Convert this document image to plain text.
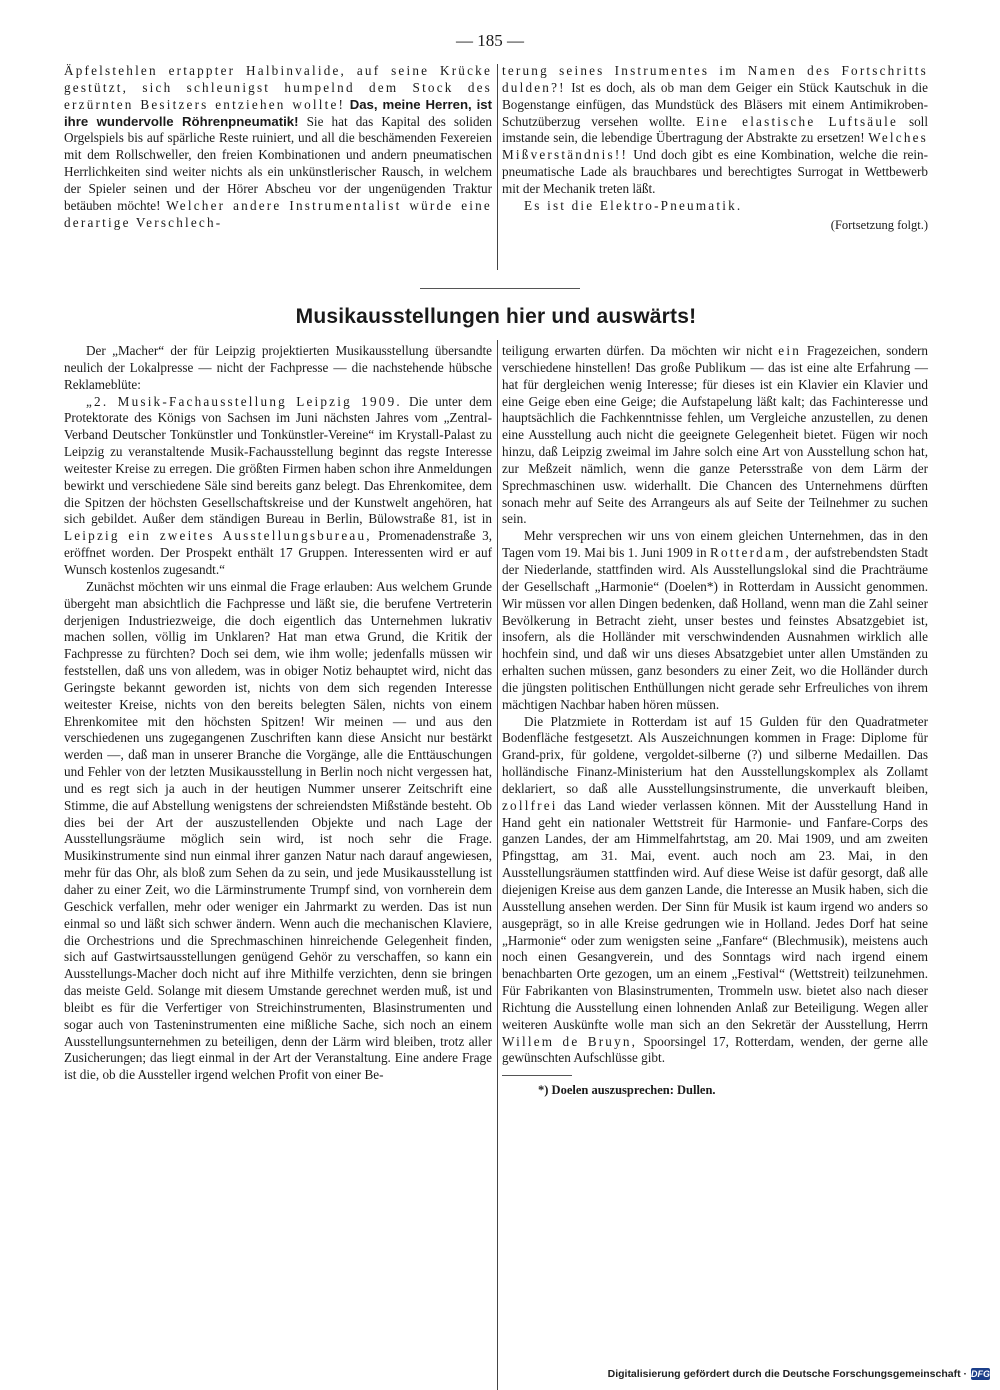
— 185 —

Äpfelstehlen ertappter Halbinvalide, auf seine Krücke gestützt, sich schleunigst humpelnd dem Stock des erzürnten Besitzers entziehen wollte! Das, meine Herren, ist ihre wundervolle Röhrenpneumatik! Sie hat das Kapital des soliden Orgelspiels bis auf spärliche Reste ruiniert, und all die beschämenden Fexereien mit dem Rollschweller, den freien Kombinationen und andern pneumatischen Herrlichkeiten sind weiter nichts als ein unkünstlerischer Rausch, in welchem der Spieler seinen und der Hörer Abscheu vor der ungenügenden Traktur betäuben möchte! Welcher andere Instrumentalist würde eine derartige Verschlech-

terung seines Instrumentes im Namen des Fortschritts dulden?! Ist es doch, als ob man dem Geiger ein Stück Kautschuk in die Bogenstange einfügen, das Mundstück des Bläsers mit einem Antimikroben-Schutzüberzug versehen wollte. Eine elastische Luftsäule soll imstande sein, die lebendige Übertragung der Abstrakte zu ersetzen! Welches Mißverständnis!! Und doch gibt es eine Kombination, welche die rein-pneumatische Lade als brauchbares und berechtigtes Surrogat in Wettbewerb mit der Mechanik treten läßt.

Es ist die Elektro-Pneumatik.

(Fortsetzung folgt.)

Musikausstellungen hier und auswärts!

Der „Macher“ der für Leipzig projektierten Musikausstellung übersandte neulich der Lokalpresse — nicht der Fachpresse — die nachstehende hübsche Reklameblüte:

„2. Musik-Fachausstellung Leipzig 1909. Die unter dem Protektorate des Königs von Sachsen im Juni nächsten Jahres vom „Zentral-Verband Deutscher Tonkünstler und Tonkünstler-Vereine“ im Krystall-Palast zu Leipzig zu veranstaltende Musik-Fachausstellung beginnt das regste Interesse weitester Kreise zu erregen. Die größten Firmen haben schon ihre Anmeldungen bewirkt und verschiedene Säle sind bereits ganz belegt. Das Ehrenkomitee, dem die Spitzen der höchsten Gesellschaftskreise und der Kunstwelt angehören, hat sich gebildet. Außer dem ständigen Bureau in Berlin, Bülowstraße 81, ist in Leipzig ein zweites Ausstellungsbureau, Promenadenstraße 3, eröffnet worden. Der Prospekt enthält 17 Gruppen. Interessenten wird er auf Wunsch kostenlos zugesandt.“

Zunächst möchten wir uns einmal die Frage erlauben: Aus welchem Grunde übergeht man absichtlich die Fachpresse und läßt sie, die berufene Vertreterin derjenigen Industriezweige, die doch eigentlich das Unternehmen lukrativ machen sollen, völlig im Unklaren? Hat man etwa Grund, die Kritik der Fachpresse zu fürchten? Doch sei dem, wie ihm wolle; jedenfalls müssen wir feststellen, daß uns von alledem, was in obiger Notiz behauptet wird, nicht das Geringste bekannt geworden ist, nichts von dem sich regenden Interesse weitester Kreise, nichts von den bereits belegten Sälen, nichts von einem Ehrenkomitee mit den höchsten Spitzen! Wir meinen — und aus den verschiedenen uns zugegangenen Zuschriften kann diese Ansicht nur bestärkt werden —, daß man in unserer Branche die Vorgänge, alle die Enttäuschungen und Fehler von der letzten Musikausstellung in Berlin noch nicht vergessen hat, und es regt sich ja auch in der heutigen Nummer unserer Zeitschrift eine Stimme, die auf Abstellung wenigstens der schreiendsten Mißstände besteht. Ob dies bei der Art der auszustellenden Objekte und nach Lage der Ausstellungsräume möglich sein wird, ist noch sehr die Frage. Musikinstrumente sind nun einmal ihrer ganzen Natur nach darauf angewiesen, mehr für das Ohr, als bloß zum Sehen da zu sein, und jede Musikausstellung ist daher zu einer Zeit, wo die Lärminstrumente Trumpf sind, von vornherein dem Geschick verfallen, mehr oder weniger ein Jahrmarkt zu werden. Das ist nun einmal so und läßt sich schwer ändern. Wenn auch die mechanischen Klaviere, die Orchestrions und die Sprechmaschinen hinreichende Gelegenheit finden, sich auf Gastwirtsausstellungen genügend Gehör zu verschaffen, so kann ein Ausstellungs-Macher doch nicht auf ihre Mithilfe verzichten, denn sie bringen das meiste Geld. Solange mit diesem Umstande gerechnet werden muß, ist und bleibt es für die Verfertiger von Streichinstrumenten, Blasinstrumenten und sogar auch von Tasteninstrumenten eine mißliche Sache, sich noch an einem Ausstellungsunternehmen zu beteiligen, denn der Lärm wird bleiben, trotz aller Zusicherungen; das liegt einmal in der Art der Veranstaltung. Eine andere Frage ist die, ob die Aussteller irgend welchen Profit von einer Be-

teiligung erwarten dürfen. Da möchten wir nicht ein Fragezeichen, sondern verschiedene hinstellen! Das große Publikum — das ist eine alte Erfahrung — hat für dergleichen wenig Interesse; für dieses ist ein Klavier ein Klavier und eine Geige eben eine Geige; die Aufstapelung läßt kalt; das Fachinteresse und hauptsächlich die Fachkenntnisse fehlen, um Vergleiche anzustellen, zu denen eine Ausstellung auch nicht die geeignete Gelegenheit bietet. Fügen wir noch hinzu, daß Leipzig zweimal im Jahre solch eine Art von Ausstellung schon hat, zur Meßzeit nämlich, wenn die ganze Petersstraße von dem Lärm der Sprechmaschinen usw. widerhallt. Die Chancen des Unternehmens dürften sonach mehr auf Seite des Arrangeurs als auf Seite der Teilnehmer zu suchen sein.

Mehr versprechen wir uns von einem gleichen Unternehmen, das in den Tagen vom 19. Mai bis 1. Juni 1909 in Rotterdam, der aufstrebendsten Stadt der Niederlande, stattfinden wird. Als Ausstellungslokal sind die Prachträume der Gesellschaft „Harmonie“ (Doelen*) in Rotterdam in Aussicht genommen. Wir müssen vor allen Dingen bedenken, daß Holland, wenn man die Zahl seiner Bevölkerung in Betracht zieht, unser bestes und feinstes Absatzgebiet ist, insofern, als die Holländer mit verschwindenden Ausnahmen wirklich alle hochfein sind, und daß wir uns dieses Absatzgebiet unter allen Umständen zu erhalten suchen müssen, ganz besonders zu einer Zeit, wo die Holländer durch die jüngsten politischen Enthüllungen nicht gerade sehr Erfreuliches von ihrem mächtigen Nachbar haben hören müssen.

Die Platzmiete in Rotterdam ist auf 15 Gulden für den Quadratmeter Bodenfläche festgesetzt. Als Auszeichnungen kommen in Frage: Diplome für Grand-prix, für goldene, vergoldet-silberne (?) und silberne Medaillen. Das holländische Finanz-Ministerium hat den Ausstellungskomplex als Zollamt deklariert, so daß alle Ausstellungsinstrumente, die unverkauft bleiben, zollfrei das Land wieder verlassen können. Mit der Ausstellung Hand in Hand geht ein nationaler Wettstreit für Harmonie- und Fanfare-Corps des ganzen Landes, der am Himmelfahrtstag, am 20. Mai 1909, und am zweiten Pfingsttag, am 31. Mai, event. auch noch am 23. Mai, in den Ausstellungsräumen stattfinden wird. Auf diese Weise ist dafür gesorgt, daß alle diejenigen Kreise aus dem ganzen Lande, die Interesse an Musik haben, sich die Ausstellung ansehen werden. Der Sinn für Musik ist kaum irgend wo anders so ausgeprägt, so in alle Kreise gedrungen wie in Holland. Jedes Dorf hat seine „Harmonie“ oder zum wenigsten seine „Fanfare“ (Blechmusik), meistens auch noch einen Gesangverein, und des Sonntags wird nach irgend einem benachbarten Orte gezogen, um an einem „Festival“ (Wettstreit) teilzunehmen. Für Fabrikanten von Blasinstrumenten, Trommeln usw. bietet also nach dieser Richtung die Ausstellung einen lohnenden Anlaß zur Beteiligung. Wegen aller weiteren Auskünfte wolle man sich an den Sekretär der Ausstellung, Herrn Willem de Bruyn, Spoorsingel 17, Rotterdam, wenden, der gerne alle gewünschten Aufschlüsse gibt.

*) Doelen auszusprechen: Dullen.

Digitalisierung gefördert durch die Deutsche Forschungsgemeinschaft · DFG
